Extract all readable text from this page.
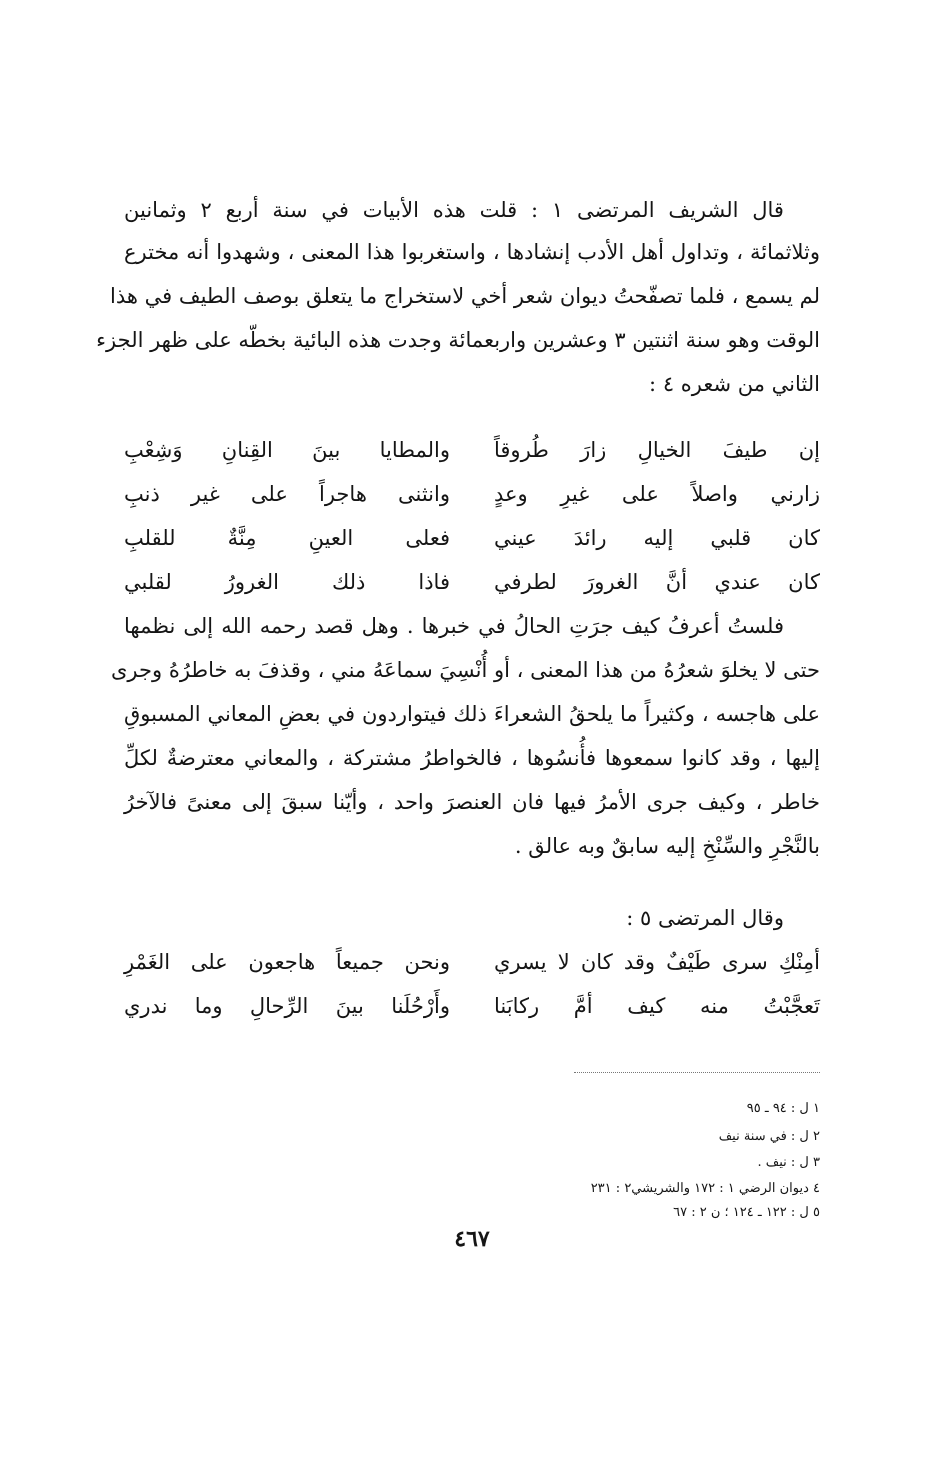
قال الشريف المرتضى ١ : قلت هذه الأبيات في سنة أربع ٢ وثمانين
وثلاثمائة ، وتداول أهل الأدب إنشادها ، واستغربوا هذا المعنى ، وشهدوا أنه مخترع
لم يسمع ، فلما تصفّحتُ ديوان شعر أخي لاستخراج ما يتعلق بوصف الطيف في هذا
الوقت وهو سنة اثنتين ٣ وعشرين واربعمائة وجدت هذه البائية بخطّه على ظهر الجزء
الثاني من شعره ٤ :
إن طيفَ الخيالِ زارَ طُروقاً
والمطايا بينَ القِنانِ وَشِعْبِ
زارني واصلاً على غيرِ وعدٍ
وانثنى هاجراً على غير ذنبِ
كان قلبي إليه رائدَ عيني
فعلى العينِ مِنَّةٌ للقلبِ
كان عندي أنَّ الغرورَ لطرفي
فاذا ذلك الغرورُ لقلبي
فلستُ أعرفُ كيف جرَتِ الحالُ في خبرها . وهل قصد رحمه الله إلى نظمها
حتى لا يخلوَ شعرُهُ من هذا المعنى ، أو أُنْسِيَ سماعَهُ مني ، وقذفَ به خاطرُهُ وجرى
على هاجسه ، وكثيراً ما يلحقُ الشعراءَ ذلك فيتواردون في بعضِ المعاني المسبوقِ
إليها ، وقد كانوا سمعوها فأُنسُوها ، فالخواطرُ مشتركة ، والمعاني معترضةٌ لكلِّ
خاطر ، وكيف جرى الأمرُ فيها فان العنصرَ واحد ، وأيّنا سبقَ إلى معنىً فالآخرُ
بالنَّجْرِ والسِّنْخِ إليه سابقٌ وبه عالق .
وقال المرتضى ٥ :
أمِنْكِ سرى طَيْفٌ وقد كان لا يسري
ونحن جميعاً هاجعون على الغَمْرِ
تَعجَّبْتُ منه كيف أمَّ ركابَنا
وأَرْحُلَنا بينَ الرِّحالِ وما ندري
١ ل : ٩٤ ـ ٩٥
٢ ل : في سنة نيف
٣ ل : نيف .
٤ ديوان الرضي ١ : ١٧٢ والشريشي٢ : ٢٣١
٥ ل : ١٢٢ ـ ١٢٤ ؛ ن ٢ : ٦٧
٤٦٧
